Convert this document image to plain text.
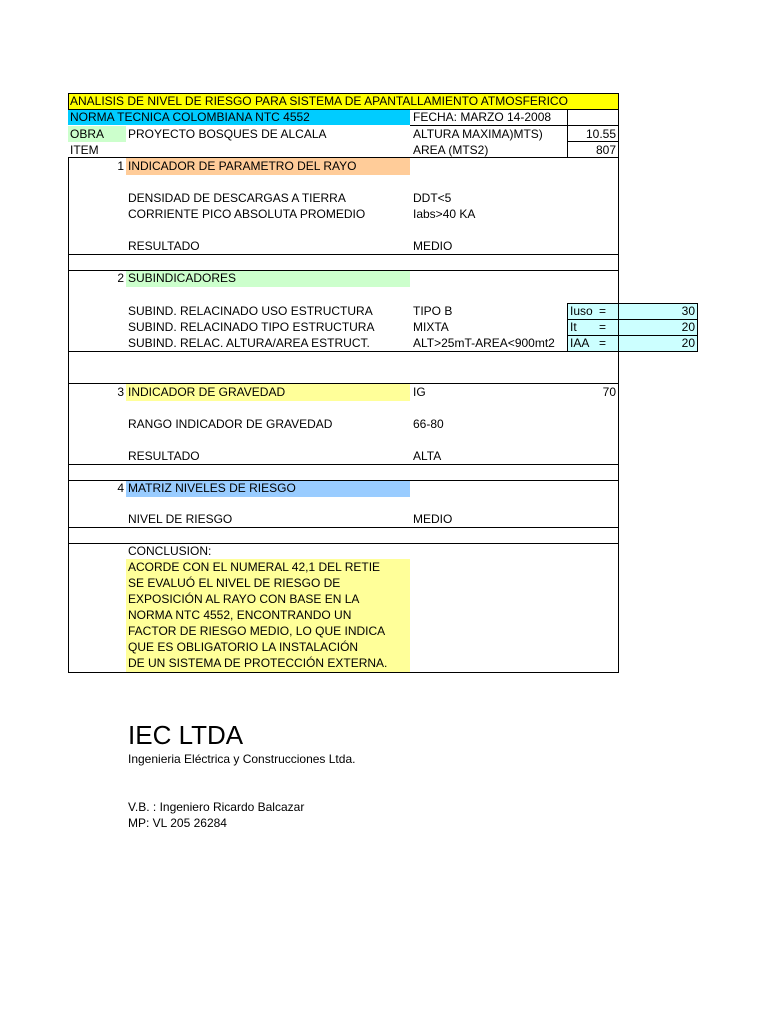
ANALISIS DE NIVEL DE RIESGO PARA SISTEMA DE APANTALLAMIENTO ATMOSFERICO
NORMA TECNICA COLOMBIANA NTC 4552	FECHA: MARZO 14-2008
OBRA PROYECTO BOSQUES DE ALCALA	ALTURA MAXIMA)MTS)	10.55
ITEM	AREA (MTS2)	807
1 INDICADOR DE PARAMETRO DEL RAYO
DENSIDAD DE DESCARGAS A TIERRA	DDT<5
CORRIENTE PICO ABSOLUTA PROMEDIO	Iabs>40 KA
RESULTADO	MEDIO
2 SUBINDICADORES
SUBIND. RELACINADO USO ESTRUCTURA	TIPO B	Iuso =	30
SUBIND. RELACINADO TIPO ESTRUCTURA	MIXTA	It =	20
SUBIND. RELAC. ALTURA/AREA ESTRUCT.	ALT>25mT-AREA<900mt2 IAA =	20
3 INDICADOR DE GRAVEDAD	IG	70
RANGO INDICADOR DE GRAVEDAD	66-80
RESULTADO	ALTA
4 MATRIZ NIVELES DE RIESGO
NIVEL DE RIESGO	MEDIO
CONCLUSION:
ACORDE CON EL NUMERAL 42,1 DEL RETIE
SE EVALUÓ EL NIVEL DE RIESGO DE
EXPOSICIÓN AL RAYO CON BASE EN LA
NORMA NTC 4552, ENCONTRANDO UN
FACTOR DE RIESGO MEDIO, LO QUE INDICA
QUE ES OBLIGATORIO LA INSTALACIÓN
DE UN SISTEMA DE PROTECCIÓN EXTERNA.
IEC LTDA
Ingenieria Eléctrica y Construcciones Ltda.
V.B. : Ingeniero Ricardo Balcazar
MP: VL 205 26284
